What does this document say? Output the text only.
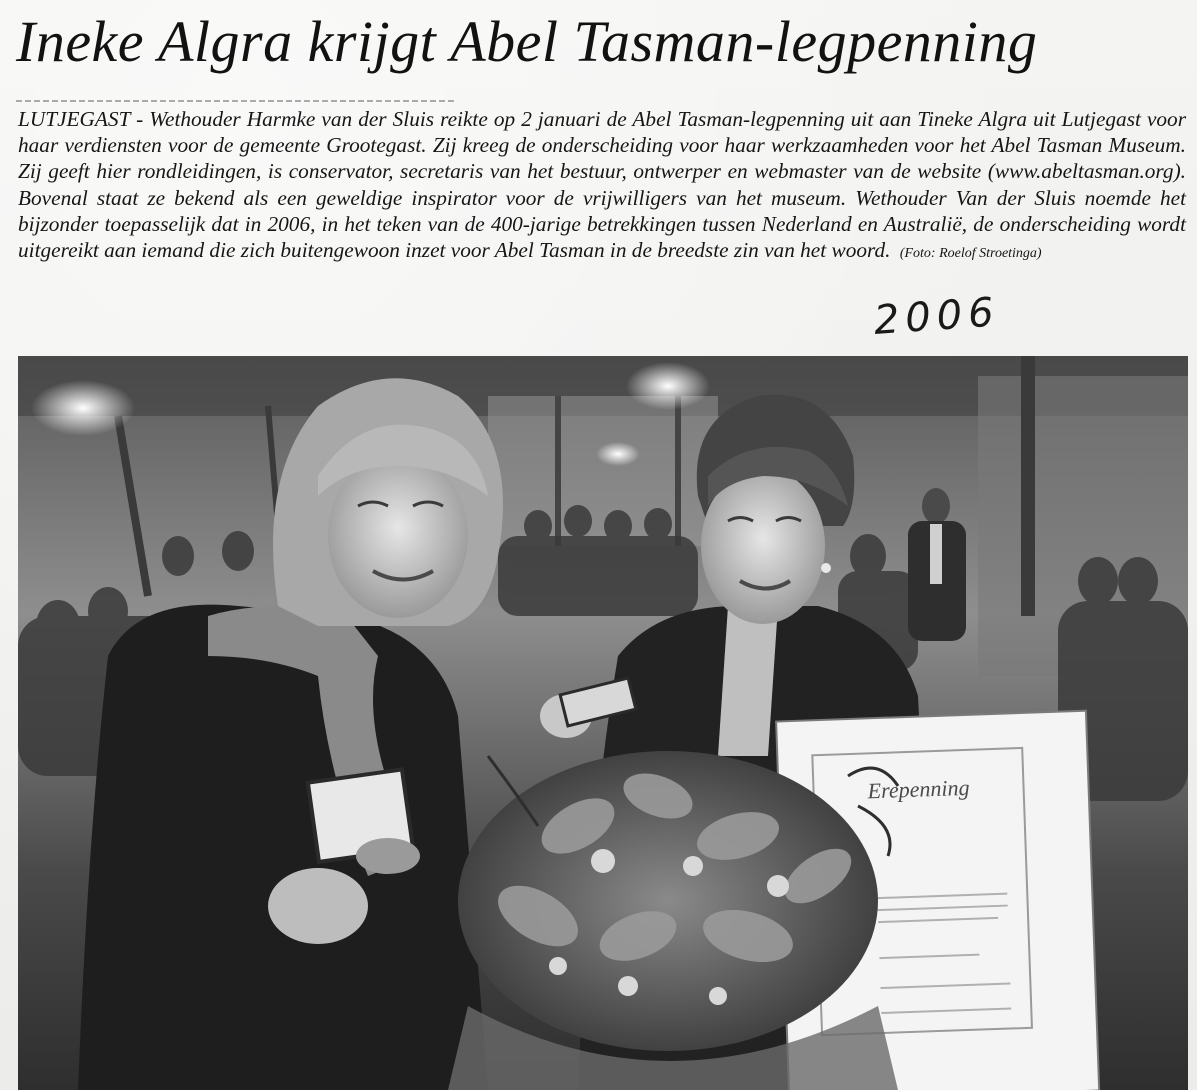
Ineke Algra krijgt Abel Tasman-legpenning

LUTJEGAST - Wethouder Harmke van der Sluis reikte op 2 januari de Abel Tasman-legpenning uit aan Tineke Algra uit Lutjegast voor haar verdiensten voor de gemeente Grootegast. Zij kreeg de onderscheiding voor haar werkzaamheden voor het Abel Tasman Museum. Zij geeft hier rondleidingen, is conservator, secretaris van het bestuur, ontwerper en webmaster van de website (www.abeltasman.org). Bovenal staat ze bekend als een geweldige inspirator voor de vrijwilligers van het museum. Wethouder Van der Sluis noemde het bijzonder toepasselijk dat in 2006, in het teken van de 400-jarige betrekkingen tussen Nederland en Australië, de onderscheiding wordt uitgereikt aan iemand die zich buitengewoon inzet voor Abel Tasman in de breedste zin van het woord. (Foto: Roelof Stroetinga)

2006
Erepenning
